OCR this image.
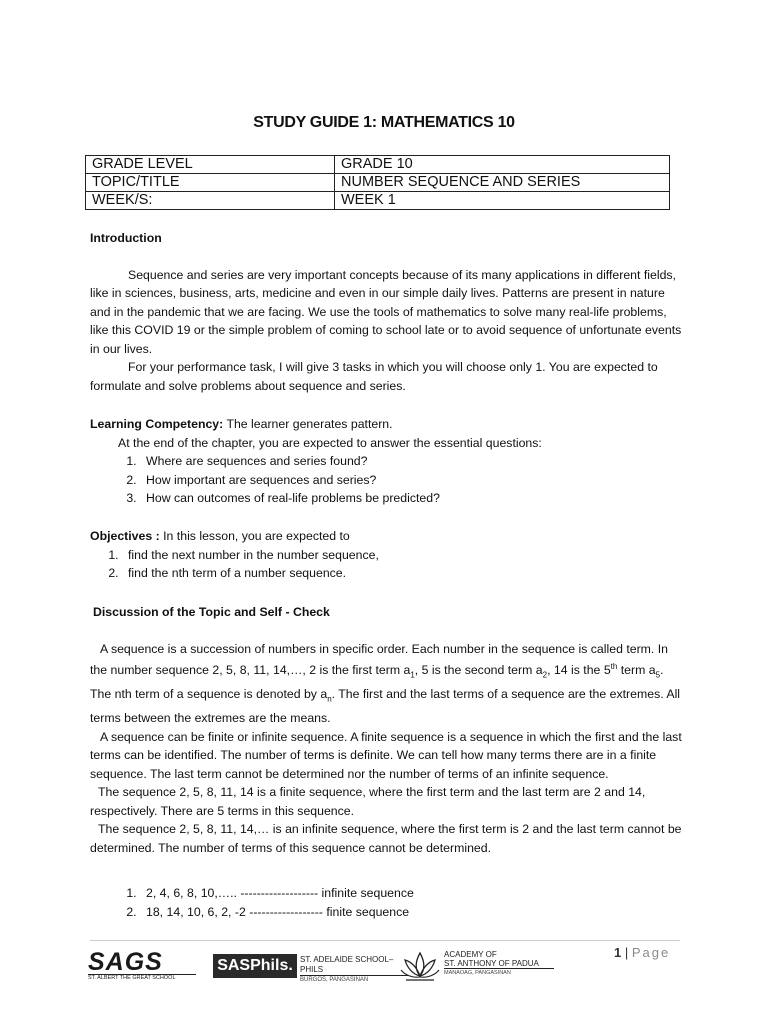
STUDY GUIDE 1: MATHEMATICS 10
GRADE LEVEL	GRADE 10
TOPIC/TITLE	NUMBER SEQUENCE AND SERIES
WEEK/S:	WEEK 1
Introduction
Sequence and series are very important concepts because of its many applications in different fields, like in sciences, business, arts, medicine and even in our simple daily lives. Patterns are present in nature and in the pandemic that we are facing. We use the tools of mathematics to solve many real-life problems, like this COVID 19 or the simple problem of coming to school late or to avoid sequence of unfortunate events in our lives.
For your performance task, I will give 3 tasks in which you will choose only 1. You are expected to formulate and solve problems about sequence and series.
Learning Competency: The learner generates pattern.
At the end of the chapter, you are expected to answer the essential questions:
1. Where are sequences and series found?
2. How important are sequences and series?
3. How can outcomes of real-life problems be predicted?
Objectives : In this lesson, you are expected to
1. find the next number in the number sequence,
2. find the nth term of a number sequence.
Discussion of the Topic and Self - Check
A sequence is a succession of numbers in specific order. Each number in the sequence is called term. In the number sequence 2, 5, 8, 11, 14,…, 2 is the first term $a_1$, 5 is the second term $a_2$, 14 is the 5th term $a_5$. The nth term of a sequence is denoted by $a_n$. The first and the last terms of a sequence are the extremes. All terms between the extremes are the means.
A sequence can be finite or infinite sequence. A finite sequence is a sequence in which the first and the last terms can be identified. The number of terms is definite. We can tell how many terms there are in a finite sequence. The last term cannot be determined nor the number of terms of an infinite sequence.
The sequence 2, 5, 8, 11, 14 is a finite sequence, where the first term and the last term are 2 and 14, respectively. There are 5 terms in this sequence.
The sequence 2, 5, 8, 11, 14,… is an infinite sequence, where the first term is 2 and the last term cannot be determined. The number of terms of this sequence cannot be determined.
1. 2, 4, 6, 8, 10,….. ------------------- infinite sequence
2. 18, 14, 10, 6, 2, -2 ------------------ finite sequence
1 | Page
SAGS
ST. ALBERT THE GREAT SCHOOL
SASPhils. ST. ADELAIDE SCHOOL–PHILS
BURGOS, PANGASINAN
ACADEMY OF
ST. ANTHONY OF PADUA
MANAOAG, PANGASINAN
